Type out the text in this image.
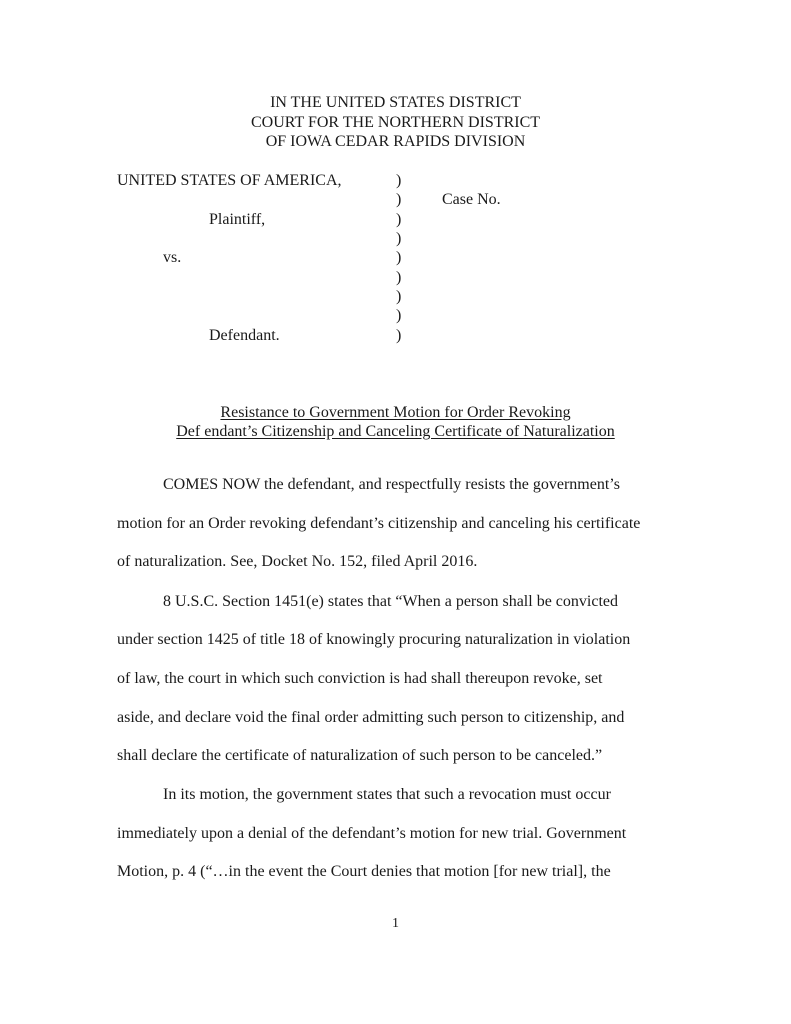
IN THE UNITED STATES DISTRICT
COURT FOR THE NORTHERN DISTRICT
OF IOWA CEDAR RAPIDS DIVISION
UNITED STATES OF AMERICA,
Plaintiff,
vs.
Defendant.
Case No.
)
)
)
)
)
)
)
)
)
Resistance to Government Motion for Order Revoking
Def endant’s Citizenship and Canceling Certificate of Naturalization
COMES NOW the defendant, and respectfully resists the government’s
motion for an Order revoking defendant’s citizenship and canceling his certificate
of naturalization. See, Docket No. 152, filed April 2016.
8 U.S.C. Section 1451(e) states that “When a person shall be convicted
under section 1425 of title 18 of knowingly procuring naturalization in violation
of law, the court in which such conviction is had shall thereupon revoke, set
aside, and declare void the final order admitting such person to citizenship, and
shall declare the certificate of naturalization of such person to be canceled.”
In its motion, the government states that such a revocation must occur
immediately upon a denial of the defendant’s motion for new trial. Government
Motion, p. 4 (“…in the event the Court denies that motion [for new trial], the
1
